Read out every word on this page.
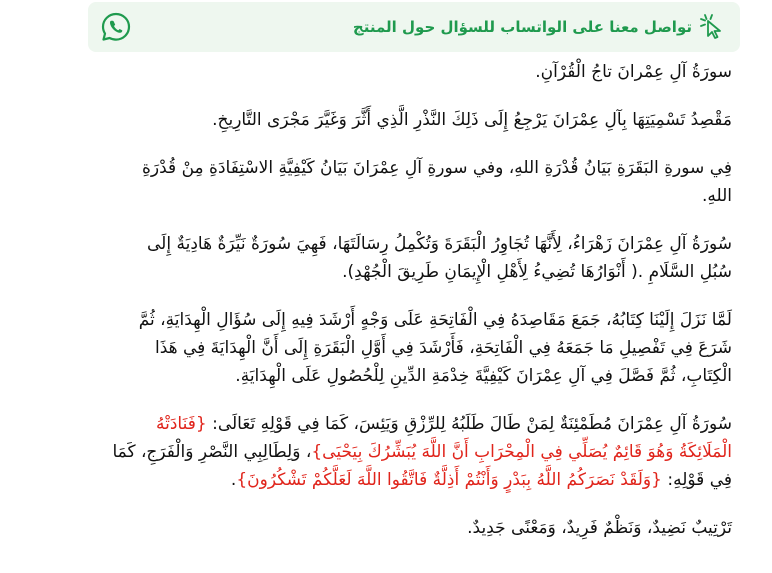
تواصل معنا على الواتساب للسؤال حول المنتج

سورَةُ آلِ عِمْرانَ تاجُ الْقُرْآنِ.

مَقْصِدُ تَسْمِيَتِهَا بِآلِ عِمْرَانَ يَرْجِعُ إِلَى ذَلِكَ النَّذْرِ الَّذِي أَثَّرَ وَغَيَّرَ مَجْرَى التَّارِيخِ.

فِي سورةِ البَقَرَةِ بَيَانُ قُدْرَةِ اللهِ، وفي سورةِ آلِ عِمْرَانَ بَيَانُ كَيْفِيَّةِ الاسْتِفَادَةِ مِنْ قُدْرَةِ اللهِ.

سُورَةُ آلِ عِمْرَانَ زَهْرَاءُ، لِأَنَّهَا تُجَاوِرُ الْبَقَرَةَ وَتُكْمِلُ رِسَالَتَهَا، فَهِيَ سُورَةٌ نَيِّرَةٌ هَادِيَةٌ إِلَى سُبُلِ السَّلَامِ .( أَنْوَارُهَا تُضِيءُ لِأَهْلِ الْإِيمَانِ طَرِيقَ الْجُهْدِ).

لَمَّا نَزَلَ إِلَيْنَا كِتَابُهُ، جَمَعَ مَقَاصِدَهُ فِي الْفَاتِحَةِ عَلَى وَجْهٍ أَرْشَدَ فِيهِ إِلَى سُؤَالِ الْهِدَايَةِ، ثُمَّ شَرَعَ فِي تَفْصِيلِ مَا جَمَعَهُ فِي الْفَاتِحَةِ، فَأَرْشَدَ فِي أَوَّلِ الْبَقَرَةِ إِلَى أَنَّ الْهِدَايَةَ فِي هَذَا الْكِتَابِ، ثُمَّ فَصَّلَ فِي آلِ عِمْرَانَ كَيْفِيَّةَ خِدْمَةِ الدِّينِ لِلْحُصُولِ عَلَى الْهِدَايَةِ.

سُورَةُ آلِ عِمْرَانَ مُطَمْئِنَةٌ لِمَنْ طَالَ طَلَبُهُ لِلرِّزْقِ وَيَئِسَ، كَمَا فِي قَوْلِهِ تَعَالَى: {فَنَادَتْهُ الْمَلَائِكَةُ وَهُوَ قَائِمٌ يُصَلِّي فِي الْمِحْرَابِ أَنَّ اللَّهَ يُبَشِّرُكَ بِيَحْيَى}، وَلِطَالِبِي النَّصْرِ وَالْفَرَجِ، كَمَا فِي قَوْلِهِ: {وَلَقَدْ نَصَرَكُمُ اللَّهُ بِبَدْرٍ وَأَنْتُمْ أَذِلَّةٌ فَاتَّقُوا اللَّهَ لَعَلَّكُمْ تَشْكُرُونَ}.

تَرْتِيبٌ نَضِيدٌ، وَنَظْمٌ فَرِيدٌ، وَمَعْنًى جَدِيدٌ.
